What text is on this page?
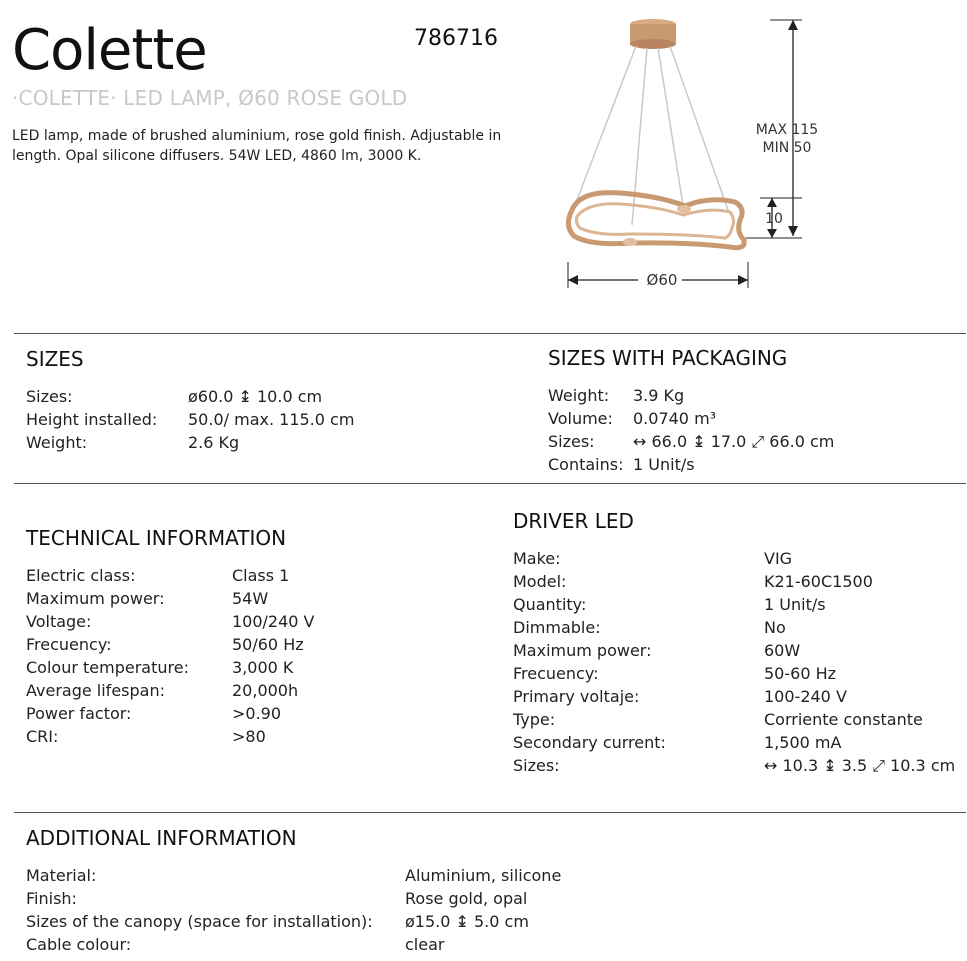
Colette	786716
·COLETTE· LED LAMP, Ø60 ROSE GOLD
LED lamp, made of brushed aluminium, rose gold finish. Adjustable in length. Opal silicone diffusers. 54W LED, 4860 lm, 3000 K.
MAX 115
MIN 50
10
Ø60
SIZES
Sizes:	ø60.0 ↨ 10.0 cm
Height installed: 50.0/ max. 115.0 cm
Weight:	2.6 Kg
SIZES WITH PACKAGING
Weight: 3.9 Kg
Volume: 0.0740 m³
Sizes: ↔ 66.0 ↨ 17.0 ⤢ 66.0 cm
Contains: 1 Unit/s
TECHNICAL INFORMATION
Electric class:	Class 1
Maximum power:	54W
Voltage:	100/240 V
Frecuency:	50/60 Hz
Colour temperature:	3,000 K
Average lifespan:	20,000h
Power factor:	>0.90
CRI:	>80
DRIVER LED
Make:	VIG
Model:	K21-60C1500
Quantity:	1 Unit/s
Dimmable:	No
Maximum power:	60W
Frecuency:	50-60 Hz
Primary voltaje:	100-240 V
Type:	Corriente constante
Secondary current:	1,500 mA
Sizes:	↔ 10.3 ↨ 3.5 ⤢ 10.3 cm
ADDITIONAL INFORMATION
Material:	Aluminium, silicone
Finish:	Rose gold, opal
Sizes of the canopy (space for installation): ø15.0 ↨ 5.0 cm
Cable colour:	clear
